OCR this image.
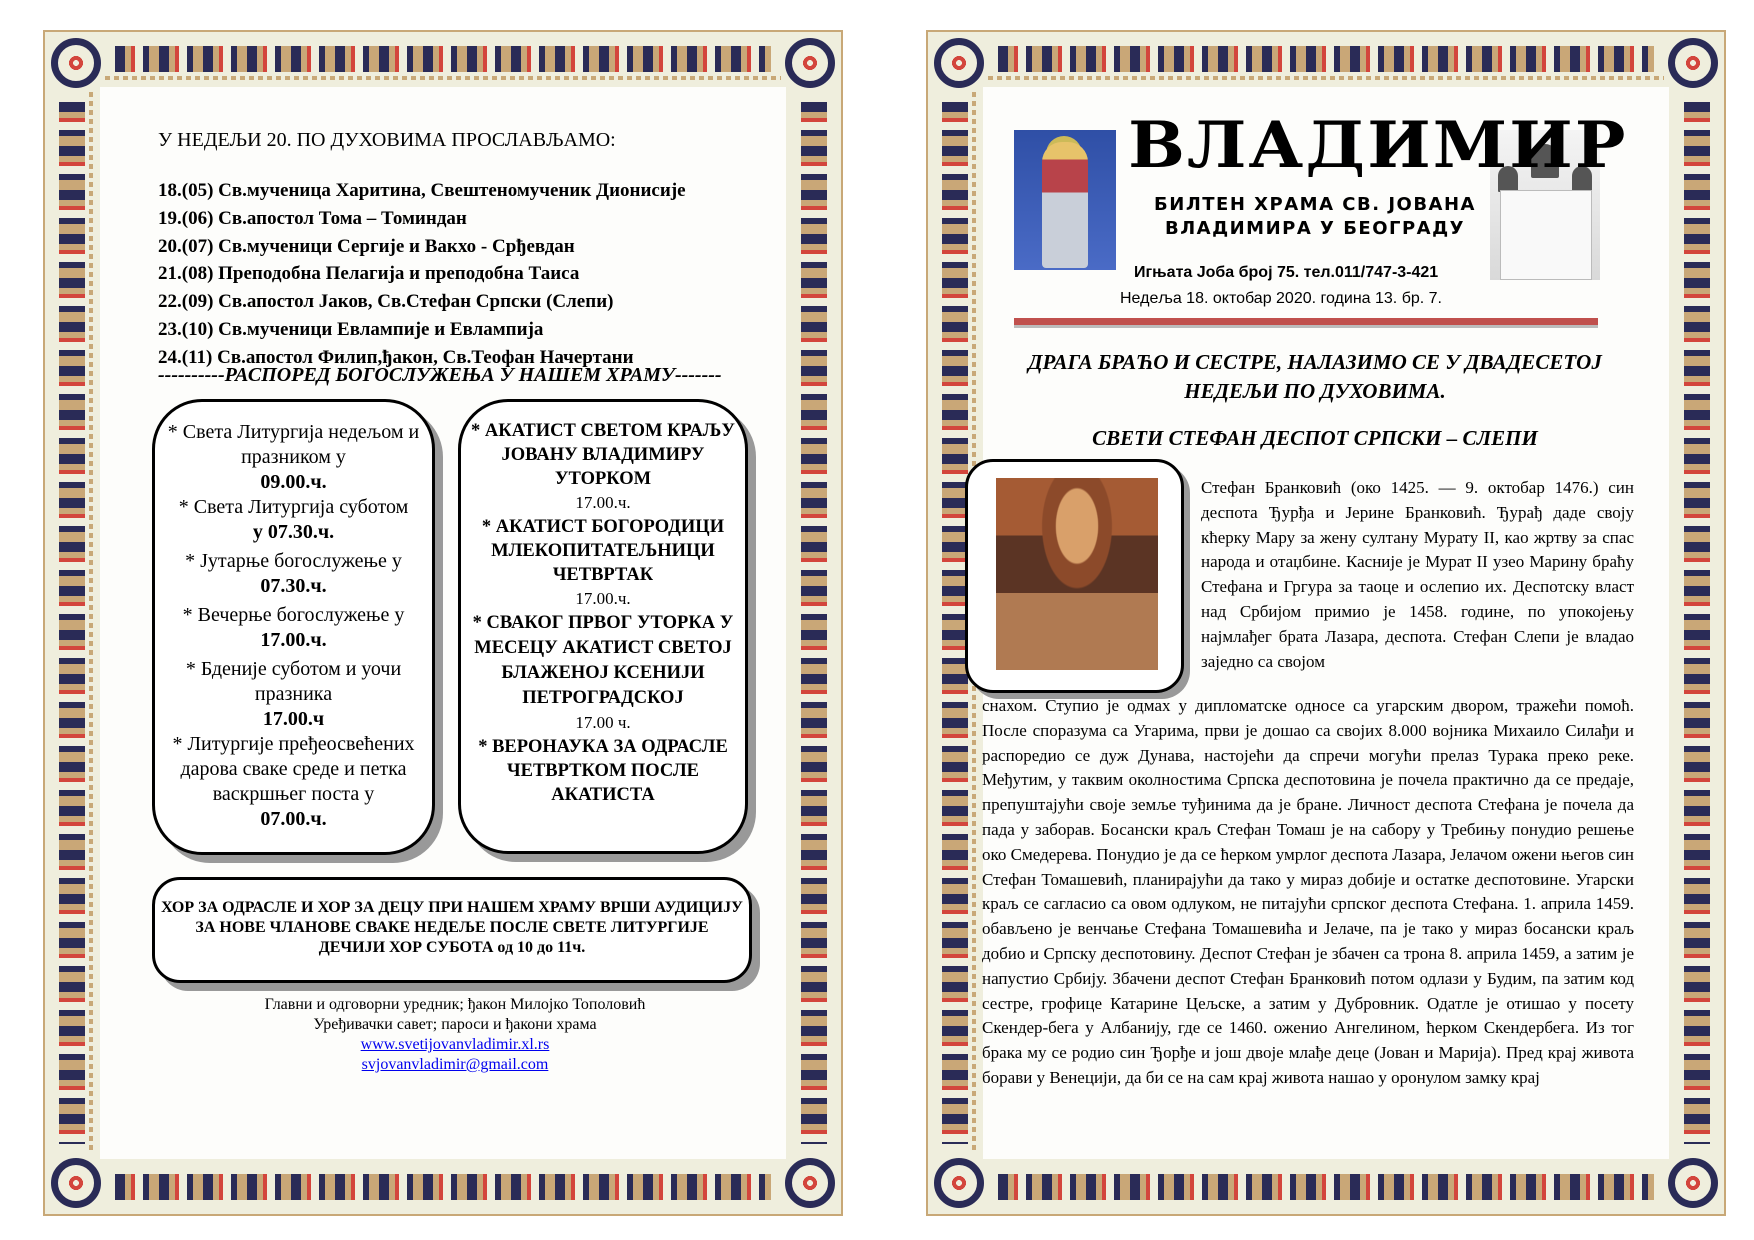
У НЕДЕЉИ 20. ПО ДУХОВИМА ПРОСЛАВЉАМО:
18.(05) Св.мученица Харитина, Свештеномученик Дионисије
19.(06) Св.апостол Тома – Томиндан
20.(07) Св.мученици Сергије и Вакхо - Срђевдан
21.(08) Преподобна Пелагија и преподобна Таиса
22.(09) Св.апостол Јаков, Св.Стефан Српски (Слепи)
23.(10) Св.мученици Евлампије и Евлампија
24.(11) Св.апостол Филип,ђакон, Св.Теофан Начертани
----------РАСПОРЕД БОГОСЛУЖЕЊА У НАШЕМ ХРАМУ-------
* Света Литургија недељом и празником у
09.00.ч.
* Света Литургија суботом
у 07.30.ч.
* Јутарње богослужење у
07.30.ч.
* Вечерње богослужење у
17.00.ч.
* Бденије суботом и уочи празника
17.00.ч
* Литургије пређеосвећених дарова сваке среде и петка васкршњег поста у
07.00.ч.
* АКАТИСТ СВЕТОМ КРАЉУ ЈОВАНУ ВЛАДИМИРУ УТОРКОМ
17.00.ч.
* АКАТИСТ БОГОРОДИЦИ МЛЕКОПИТАТЕЉНИЦИ ЧЕТВРТАК
17.00.ч.
* СВАКОГ ПРВОГ УТОРКА У МЕСЕЦУ АКАТИСТ СВЕТОЈ БЛАЖЕНОЈ КСЕНИЈИ ПЕТРОГРАДСКОЈ
17.00 ч.
* ВЕРОНАУКА ЗА ОДРАСЛЕ ЧЕТВРТКОМ ПОСЛЕ АКАТИСТА
ХОР ЗА ОДРАСЛЕ И ХОР ЗА ДЕЦУ ПРИ НАШЕМ ХРАМУ ВРШИ АУДИЦИЈУ ЗА НОВЕ ЧЛАНОВЕ СВАКЕ НЕДЕЉЕ ПОСЛЕ СВЕТЕ ЛИТУРГИЈЕ
ДЕЧИЈИ ХОР СУБОТА од 10 до 11ч.
Главни и одговорни уредник; ђакон Милојко Тополовић
Уређивачки савет; пароси и ђакони храма
www.svetijovanvladimir.xl.rs
svjovanvladimir@gmail.com
ВЛАДИМИР
БИЛТЕН ХРАМА СВ. ЈОВАНА
ВЛАДИМИРА У БЕОГРАДУ
Игњата Јоба број 75. тел.011/747-3-421
Недеља 18. октобар 2020. година 13. бр. 7.
ДРАГА БРАЋО И СЕСТРЕ, НАЛАЗИМО СЕ У ДВАДЕСЕТОЈ НЕДЕЉИ ПО ДУХОВИМА.
СВЕТИ СТЕФАН ДЕСПОТ СРПСКИ – СЛЕПИ
Стефан Бранковић (око 1425. — 9. октобар 1476.) син деспота Ђурђа и Јерине Бранковић. Ђурађ даде своју кћерку Мару за жену султану Мурату II, као жртву за спас народа и отаџбине. Касније је Мурат II узео Марину браћу Стефана и Гргура за таоце и ослепио их. Деспотску власт над Србијом примио је 1458. године, по упокојењу најмлађег брата Лазара, деспота. Стефан Слепи је владао заједно са својом
снахом. Ступио је одмах у дипломатске односе са угарским двором, тражећи помоћ. После споразума са Угарима, први је дошао са својих 8.000 војника Михаило Силађи и распоредио се дуж Дунава, настојећи да спречи могући прелаз Турака преко реке. Међутим, у таквим околностима Српска деспотовина је почела практично да се предаје, препуштајући своје земље туђинима да је бране. Личност деспота Стефана је почела да пада у заборав. Босански краљ Стефан Томаш је на сабору у Требињу понудио решење око Смедерева. Понудио је да се ћерком умрлог деспота Лазара, Јелачом ожени његов син Стефан Томашевић, планирајући да тако у мираз добије и остатке деспотовине. Угарски краљ се сагласио са овом одлуком, не питајући српског деспота Стефана. 1. априла 1459. обављено је венчање Стефана Томашевића и Јелаче, па је тако у мираз босански краљ добио и Српску деспотовину. Деспот Стефан је збачен са трона 8. априла 1459, а затим је напустио Србију. Збачени деспот Стефан Бранковић потом одлази у Будим, па затим код сестре, грофице Катарине Цељске, а затим у Дубровник. Одатле је отишао у посету Скендер-бега у Албанију, где се 1460. оженио Ангелином, ћерком Скендербега. Из тог брака му се родио син Ђорђе и још двоје млађе деце (Јован и Марија). Пред крај живота борави у Венецији, да би се на сам крај живота нашао у оронулом замку крај
